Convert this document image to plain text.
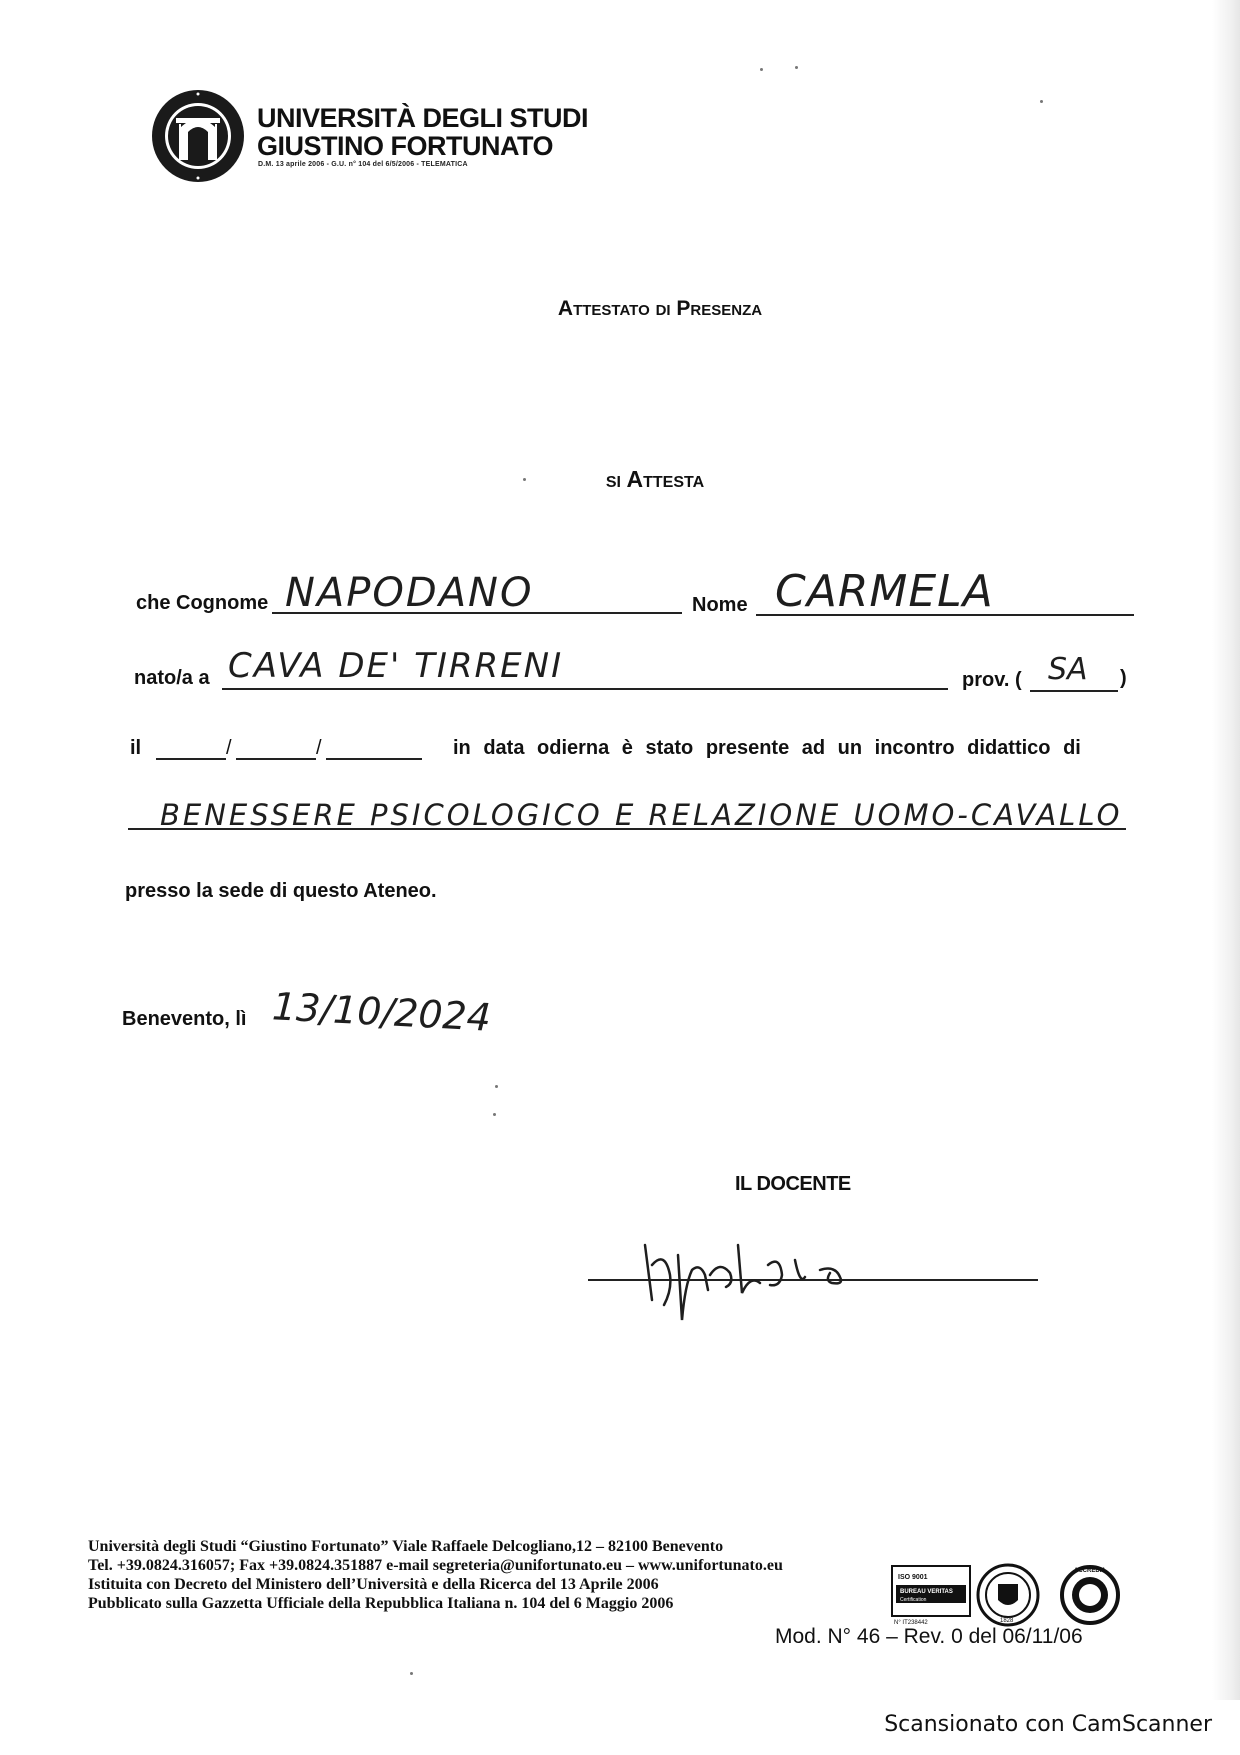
UNIVERSITÀ DEGLI STUDI
GIUSTINO FORTUNATO
D.M. 13 aprile 2006 - G.U. n° 104 del 6/5/2006 - TELEMATICA
Attestato di Presenza
si Attesta
che Cognome NAPODANO	Nome CARMELA
nato/a a CAVA DE' TIRRENI	prov. ( SA )
il	/	/	in data odierna è stato presente ad un incontro didattico di
BENESSERE PSICOLOGICO E RELAZIONE UOMO-CAVALLO
presso la sede di questo Ateneo.
Benevento, lì 13/10/2024
IL DOCENTE
Università degli Studi “Giustino Fortunato” Viale Raffaele Delcogliano,12 – 82100 Benevento
Tel. +39.0824.316057; Fax +39.0824.351887 e-mail segreteria@unifortunato.eu – www.unifortunato.eu
Istituita con Decreto del Ministero dell’Università e della Ricerca del 13 Aprile 2006
Pubblicato sulla Gazzetta Ufficiale della Repubblica Italiana n. 104 del 6 Maggio 2006
ISO 9001
BUREAU VERITAS
Certification
N° IT238442	1828
ACCREDIA
Mod. N° 46 – Rev. 0 del 06/11/06
Scansionato con CamScanner
